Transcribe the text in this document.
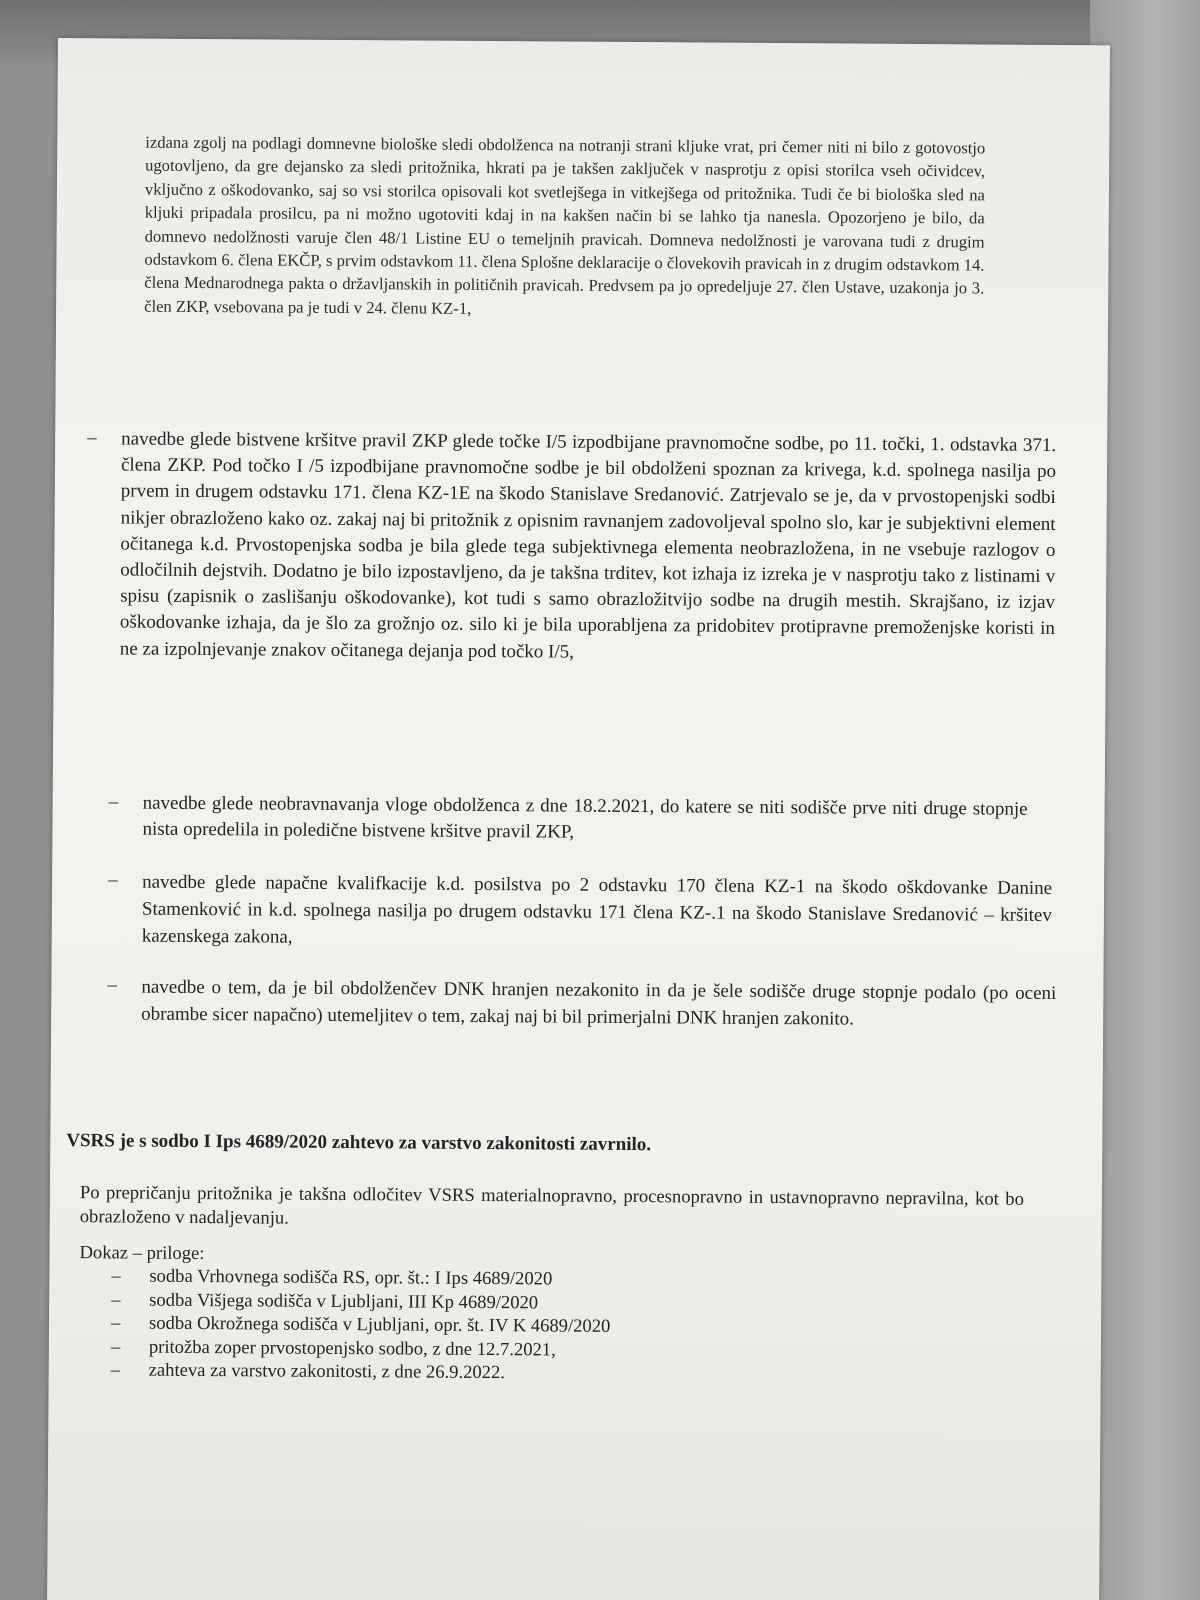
izdana zgolj na podlagi domnevne biološke sledi obdolženca na notranji strani kljuke vrat, pri čemer niti ni bilo z gotovostjo ugotovljeno, da gre dejansko za sledi pritožnika, hkrati pa je takšen zaključek v nasprotju z opisi storilca vseh očividcev, vključno z oškodovanko, saj so vsi storilca opisovali kot svetlejšega in vitkejšega od pritožnika. Tudi če bi biološka sled na kljuki pripadala prosilcu, pa ni možno ugotoviti kdaj in na kakšen način bi se lahko tja nanesla. Opozorjeno je bilo, da domnevo nedolžnosti varuje člen 48/1 Listine EU o temeljnih pravicah. Domneva nedolžnosti je varovana tudi z drugim odstavkom 6. člena EKČP, s prvim odstavkom 11. člena Splošne deklaracije o človekovih pravicah in z drugim odstavkom 14. člena Mednarodnega pakta o državljanskih in političnih pravicah. Predvsem pa jo opredeljuje 27. člen Ustave, uzakonja jo 3. člen ZKP, vsebovana pa je tudi v 24. členu KZ-1,

– navedbe glede bistvene kršitve pravil ZKP glede točke I/5 izpodbijane pravnomočne sodbe, po 11. točki, 1. odstavka 371. člena ZKP. Pod točko I /5 izpodbijane pravnomočne sodbe je bil obdolženi spoznan za krivega, k.d. spolnega nasilja po prvem in drugem odstavku 171. člena KZ-1E na škodo Stanislave Sredanović. Zatrjevalo se je, da v prvostopenjski sodbi nikjer obrazloženo kako oz. zakaj naj bi pritožnik z opisnim ravnanjem zadovoljeval spolno slo, kar je subjektivni element očitanega k.d. Prvostopenjska sodba je bila glede tega subjektivnega elementa neobrazložena, in ne vsebuje razlogov o odločilnih dejstvih. Dodatno je bilo izpostavljeno, da je takšna trditev, kot izhaja iz izreka je v nasprotju tako z listinami v spisu (zapisnik o zaslišanju oškodovanke), kot tudi s samo obrazložitvijo sodbe na drugih mestih. Skrajšano, iz izjav oškodovanke izhaja, da je šlo za grožnjo oz. silo ki je bila uporabljena za pridobitev protipravne premoženjske koristi in ne za izpolnjevanje znakov očitanega dejanja pod točko I/5,

– navedbe glede neobravnavanja vloge obdolženca z dne 18.2.2021, do katere se niti sodišče prve niti druge stopnje nista opredelila in poledične bistvene kršitve pravil ZKP,

– navedbe glede napačne kvalifkacije k.d. posilstva po 2 odstavku 170 člena KZ-1 na škodo oškdovanke Danine Stamenković in k.d. spolnega nasilja po drugem odstavku 171 člena KZ-.1 na škodo Stanislave Sredanović – kršitev kazenskega zakona,

– navedbe o tem, da je bil obdolženčev DNK hranjen nezakonito in da je šele sodišče druge stopnje podalo (po oceni obrambe sicer napačno) utemeljitev o tem, zakaj naj bi bil primerjalni DNK hranjen zakonito.

VSRS je s sodbo I Ips 4689/2020 zahtevo za varstvo zakonitosti zavrnilo.

Po prepričanju pritožnika je takšna odločitev VSRS materialnopravno, procesnopravno in ustavnopravno nepravilna, kot bo obrazloženo v nadaljevanju.

Dokaz – priloge:

– sodba Vrhovnega sodišča RS, opr. št.: I Ips 4689/2020
– sodba Višjega sodišča v Ljubljani, III Kp 4689/2020
– sodba Okrožnega sodišča v Ljubljani, opr. št. IV K 4689/2020
– pritožba zoper prvostopenjsko sodbo, z dne 12.7.2021,
– zahteva za varstvo zakonitosti, z dne 26.9.2022.
